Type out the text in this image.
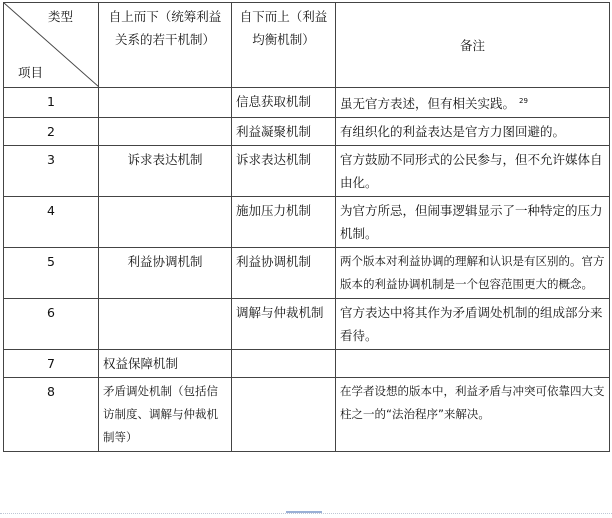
类型
项目	自上而下（统筹利益关系的若干机制）	自下而上（利益均衡机制）	备注
1		信息获取机制	虽无官方表述，但有相关实践。 $^{29}$
2		利益凝聚机制	有组织化的利益表达是官方力图回避的。
3	诉求表达机制	诉求表达机制	官方鼓励不同形式的公民参与，但不允许媒体自由化。
4		施加压力机制	为官方所忌，但闹事逻辑显示了一种特定的压力机制。
5	利益协调机制	利益协调机制	两个版本对利益协调的理解和认识是有区别的。官方版本的利益协调机制是一个包容范围更大的概念。
6		调解与仲裁机制	官方表达中将其作为矛盾调处机制的组成部分来看待。
7	权益保障机制		
8	矛盾调处机制（包括信访制度、调解与仲裁机制等）		在学者设想的版本中，利益矛盾与冲突可依靠四大支柱之一的“法治程序”来解决。
